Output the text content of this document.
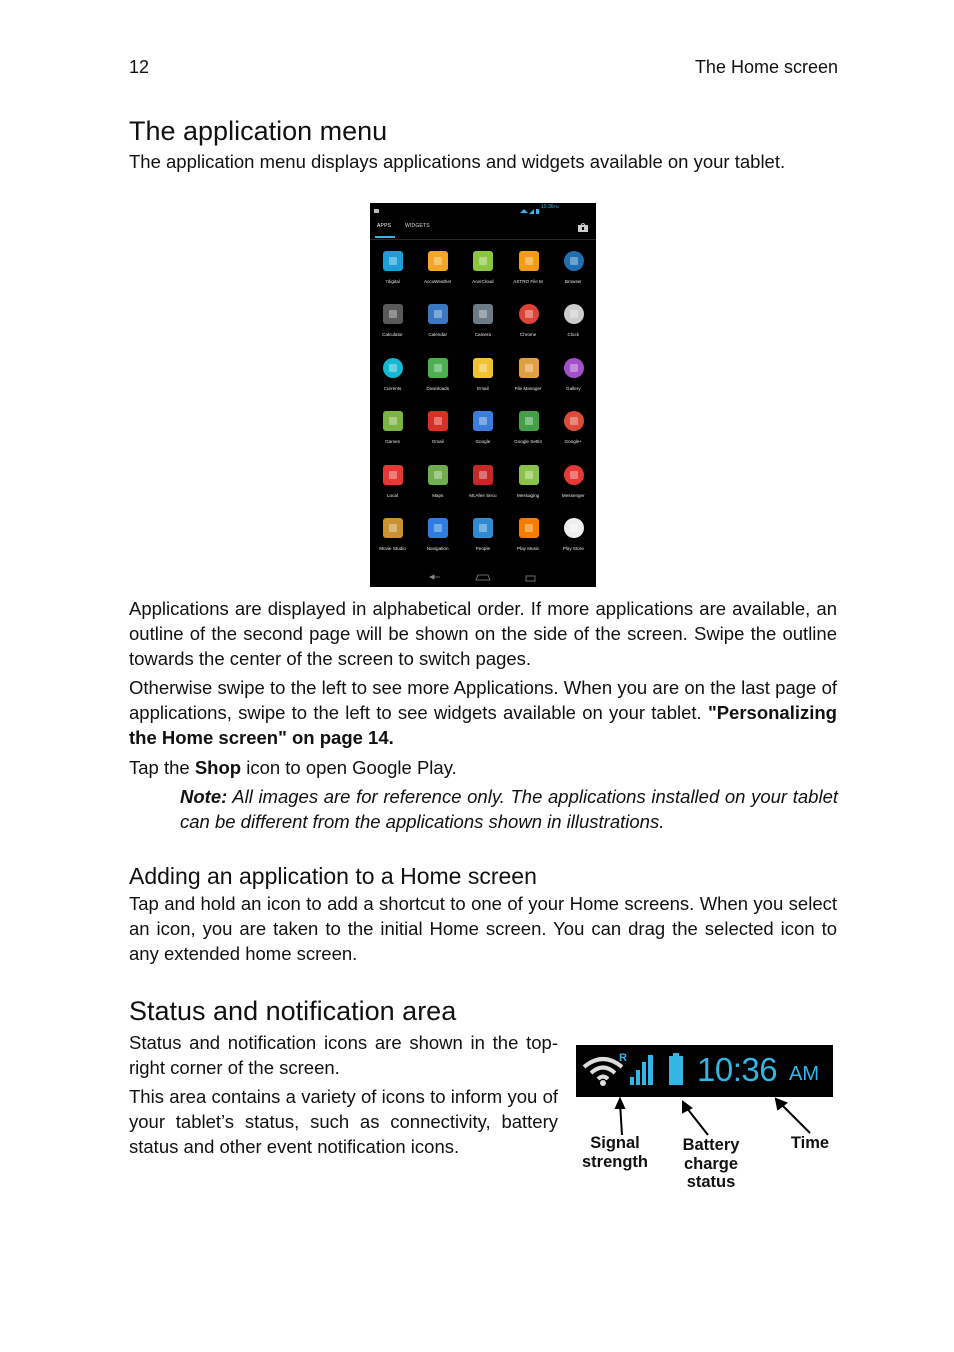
12	The Home screen
The application menu

The application menu displays applications and widgets available on your tablet.

10:36PM
APPS	WIDGETS
7digital	AccuWeather	AcerCloud	ASTRO File M	Browser
Calculator	Calendar	Camera	Chrome	Clock
Currents	Downloads	Email	File Manager	Gallery
Games	Gmail	Google	Google Settin	Google+
Local	Maps	McAfee Secu	Messaging	Messenger
Movie Studio	Navigation	People	Play Music	Play Store

Applications are displayed in alphabetical order. If more applications are available, an outline of the second page will be shown on the side of the screen. Swipe the outline towards the center of the screen to switch pages.

Otherwise swipe to the left to see more Applications. When you are on the last page of applications, swipe to the left to see widgets available on your tablet. "Personalizing the Home screen" on page 14.

Tap the Shop icon to open Google Play.

Note: All images are for reference only. The applications installed on your tablet can be different from the applications shown in illustrations.

Adding an application to a Home screen

Tap and hold an icon to add a shortcut to one of your Home screens. When you select an icon, you are taken to the initial Home screen. You can drag the selected icon to any extended home screen.

Status and notification area

Status and notification icons are shown in the top-right corner of the screen.

This area contains a variety of icons to inform you of your tablet’s status, such as connectivity, battery status and other event notification icons.

R 10:36 AM
Signal
strength
Battery
charge
status
Time
